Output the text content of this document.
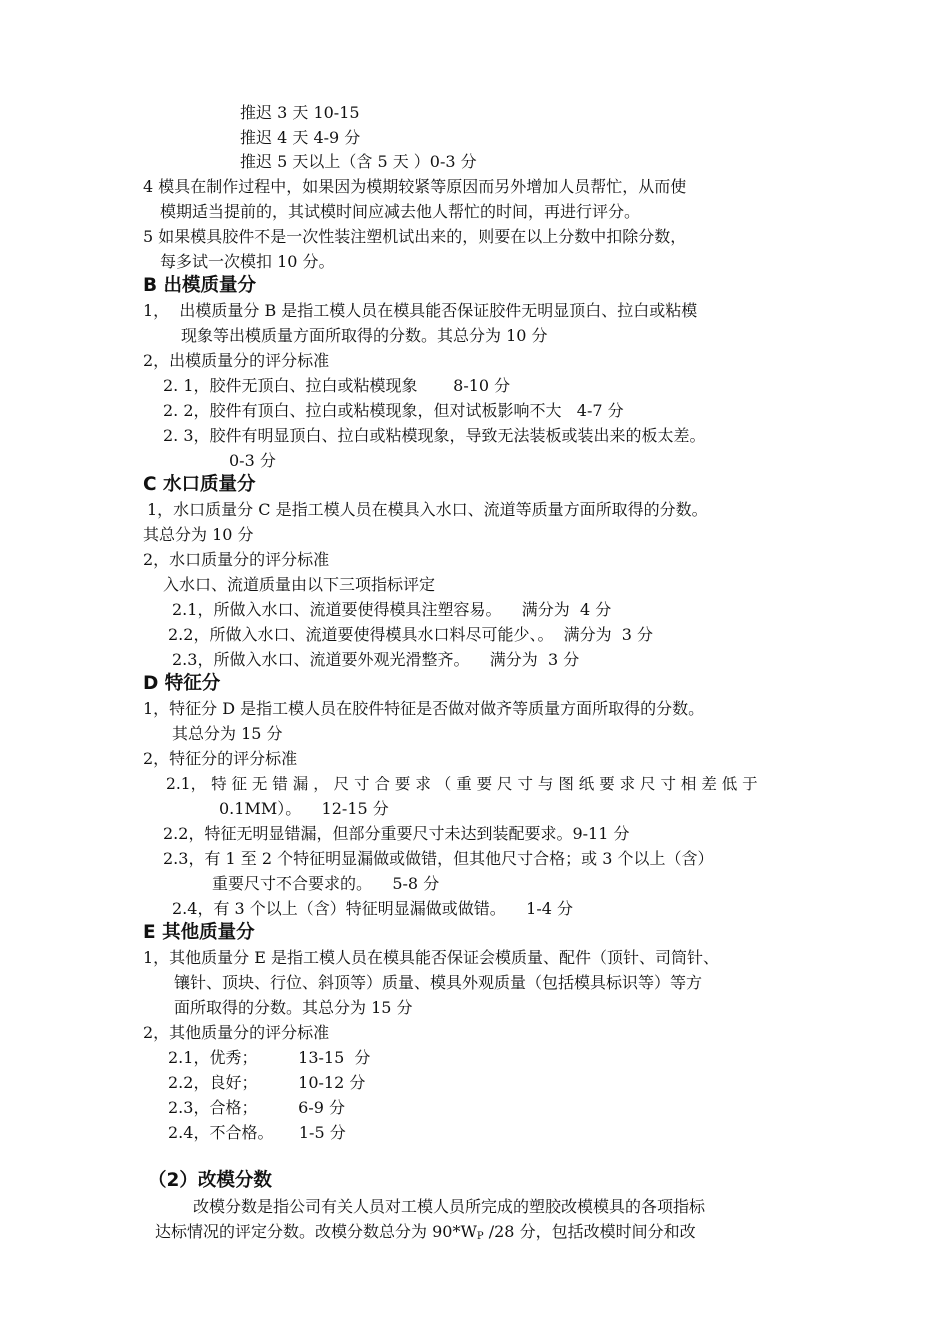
推迟 3 天 10-15
推迟 4 天 4-9 分
推迟 5 天以上（含 5 天 ）0-3 分
4 模具在制作过程中，如果因为模期较紧等原因而另外增加人员帮忙，从而使
模期适当提前的，其试模时间应减去他人帮忙的时间，再进行评分。
5 如果模具胶件不是一次性装注塑机试出来的，则要在以上分数中扣除分数，
每多试一次模扣 10 分。
B 出模质量分
1，  出模质量分 B 是指工模人员在模具能否保证胶件无明显顶白、拉白或粘模
现象等出模质量方面所取得的分数。其总分为 10 分
2，出模质量分的评分标准
2. 1，胶件无顶白、拉白或粘模现象       8-10 分
2. 2，胶件有顶白、拉白或粘模现象，但对试板影响不大   4-7 分
2. 3，胶件有明显顶白、拉白或粘模现象，导致无法装板或装出来的板太差。
0-3 分
C 水口质量分
1，水口质量分 C 是指工模人员在模具入水口、流道等质量方面所取得的分数。
其总分为 10 分
2，水口质量分的评分标准
入水口、流道质量由以下三项指标评定
2.1，所做入水口、流道要使得模具注塑容易。    满分为  4 分
2.2，所做入水口、流道要使得模具水口料尽可能少、。  满分为  3 分
2.3，所做入水口、流道要外观光滑整齐。    满分为  3 分
D 特征分
1，特征分 D 是指工模人员在胶件特征是否做对做齐等质量方面所取得的分数。
其总分为 15 分
2，特征分的评分标准
2.1， 特 征 无 错 漏 ， 尺 寸 合 要 求 （ 重 要 尺 寸 与 图 纸 要 求 尺 寸 相 差 低 于
0.1MM）。    12-15 分
2.2，特征无明显错漏，但部分重要尺寸未达到装配要求。9-11 分
2.3，有 1 至 2 个特征明显漏做或做错，但其他尺寸合格；或 3 个以上（含）
重要尺寸不合要求的。    5-8 分
2.4，有 3 个以上（含）特征明显漏做或做错。    1-4 分
E 其他质量分
1，其他质量分 E 是指工模人员在模具能否保证会模质量、配件（顶针、司筒针、
镶针、顶块、行位、斜顶等）质量、模具外观质量（包括模具标识等）等方
面所取得的分数。其总分为 15 分
2，其他质量分的评分标准
2.1，优秀；        13-15  分
2.2，良好；        10-12 分
2.3，合格；        6-9 分
2.4，不合格。     1-5 分
（2）改模分数
改模分数是指公司有关人员对工模人员所完成的塑胶改模模具的各项指标
达标情况的评定分数。改模分数总分为 $90*W_P$ /28 分，包括改模时间分和改
